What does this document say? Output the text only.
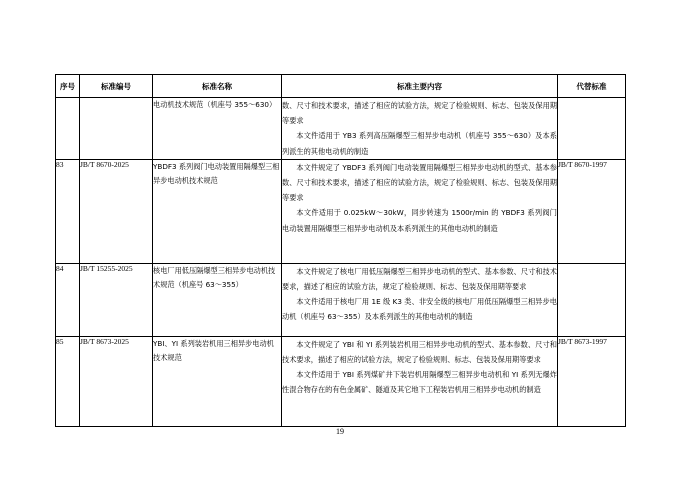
序号	标准编号	标准名称	标准主要内容	代替标准
		电动机技术规范（机座号 355～630）	数、尺寸和技术要求，描述了相应的试验方法，规定了检验规则、标志、包装及保用期等要求

本文件适用于 YB3 系列高压隔爆型三相异步电动机（机座号 355～630）及本系列派生的其他电动机的制造	

83	JB/T 8670-2025	YBDF3 系列阀门电动装置用隔爆型三相异步电动机技术规范	本文件规定了 YBDF3 系列阀门电动装置用隔爆型三相异步电动机的型式、基本参数、尺寸和技术要求，描述了相应的试验方法，规定了检验规则、标志、包装及保用期等要求

本文件适用于 0.025kW～30kW，同步转速为 1500r/min 的 YBDF3 系列阀门电动装置用隔爆型三相异步电动机及本系列派生的其他电动机的制造	JB/T 8670-1997
84	JB/T 15255-2025	核电厂用低压隔爆型三相异步电动机技术规范（机座号 63～355）	本文件规定了核电厂用低压隔爆型三相异步电动机的型式、基本参数、尺寸和技术要求，描述了相应的试验方法，规定了检验规则、标志、包装及保用期等要求

本文件适用于核电厂用 1E 级 K3 类、非安全级的核电厂用低压隔爆型三相异步电动机（机座号 63～355）及本系列派生的其他电动机的制造	

85	JB/T 8673-2025	YBI、YI 系列装岩机用三相异步电动机技术规范	本文件规定了 YBI 和 YI 系列装岩机用三相异步电动机的型式、基本参数、尺寸和技术要求，描述了相应的试验方法，规定了检验规则、标志、包装及保用期等要求

本文件适用于 YBI 系列煤矿井下装岩机用隔爆型三相异步电动机和 YI 系列无爆炸性混合物存在的有色金属矿、隧道及其它地下工程装岩机用三相异步电动机的制造	JB/T 8673-1997
19
